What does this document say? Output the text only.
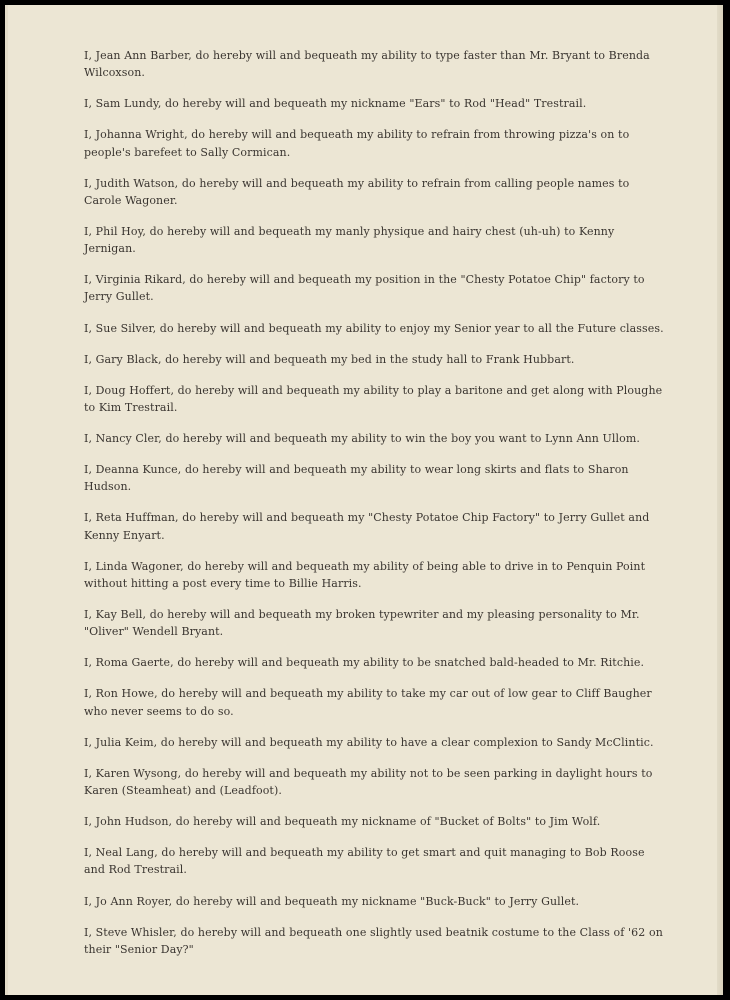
I, Jean Ann Barber, do hereby will and bequeath my ability to type faster than Mr. Bryant to Brenda Wilcoxson.
I, Sam Lundy, do hereby will and bequeath my nickname "Ears" to Rod "Head" Trestrail.
I, Johanna Wright, do hereby will and bequeath my ability to refrain from throwing pizza's on to people's barefeet to Sally Cormican.
I, Judith Watson, do hereby will and bequeath my ability to refrain from calling people names to Carole Wagoner.
I, Phil Hoy, do hereby will and bequeath my manly physique and hairy chest (uh-uh) to Kenny Jernigan.
I, Virginia Rikard, do hereby will and bequeath my position in the "Chesty Potatoe Chip" factory to Jerry Gullet.
I, Sue Silver, do hereby will and bequeath my ability to enjoy my Senior year to all the Future classes.
I, Gary Black, do hereby will and bequeath my bed in the study hall to Frank Hubbart.
I, Doug Hoffert, do hereby will and bequeath my ability to play a baritone and get along with Ploughe to Kim Trestrail.
I, Nancy Cler, do hereby will and bequeath my ability to win the boy you want to Lynn Ann Ullom.
I, Deanna Kunce, do hereby will and bequeath my ability to wear long skirts and flats to Sharon Hudson.
I, Reta Huffman, do hereby will and bequeath my "Chesty Potatoe Chip Factory" to Jerry Gullet and Kenny Enyart.
I, Linda Wagoner, do hereby will and bequeath my ability of being able to drive in to Penquin Point without hitting a post every time to Billie Harris.
I, Kay Bell, do hereby will and bequeath my broken typewriter and my pleasing personality to Mr. "Oliver" Wendell Bryant.
I, Roma Gaerte, do hereby will and bequeath my ability to be snatched bald-headed to Mr. Ritchie.
I, Ron Howe, do hereby will and bequeath my ability to take my car out of low gear to Cliff Baugher who never seems to do so.
I, Julia Keim, do hereby will and bequeath my ability to have a clear complexion to Sandy McClintic.
I, Karen Wysong, do hereby will and bequeath my ability not to be seen parking in daylight hours to Karen (Steamheat) and (Leadfoot).
I, John Hudson, do hereby will and bequeath my nickname of "Bucket of Bolts" to Jim Wolf.
I, Neal Lang, do hereby will and bequeath my ability to get smart and quit managing to Bob Roose and Rod Trestrail.
I, Jo Ann Royer, do hereby will and bequeath my nickname "Buck-Buck" to Jerry Gullet.
I, Steve Whisler, do hereby will and bequeath one slightly used beatnik costume to the Class of '62 on their "Senior Day?"
